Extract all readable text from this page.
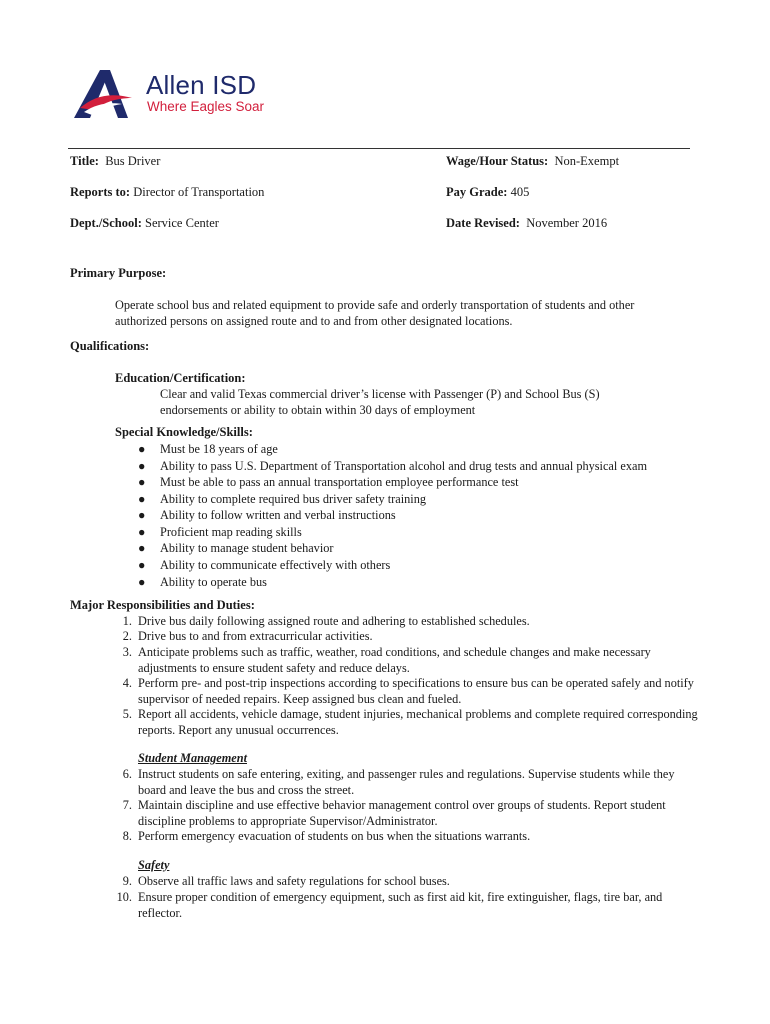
Allen ISD
Where Eagles Soar
Title: Bus Driver	Wage/Hour Status: Non-Exempt
Reports to: Director of Transportation	Pay Grade: 405
Dept./School: Service Center	Date Revised: November 2016
Primary Purpose:
Operate school bus and related equipment to provide safe and orderly transportation of students and other
authorized persons on assigned route and to and from other designated locations.
Qualifications:
Education/Certification:
Clear and valid Texas commercial driver’s license with Passenger (P) and School Bus (S)
endorsements or ability to obtain within 30 days of employment
Special Knowledge/Skills:
● Must be 18 years of age
● Ability to pass U.S. Department of Transportation alcohol and drug tests and annual physical exam
● Must be able to pass an annual transportation employee performance test
● Ability to complete required bus driver safety training
● Ability to follow written and verbal instructions
● Proficient map reading skills
● Ability to manage student behavior
● Ability to communicate effectively with others
● Ability to operate bus
Major Responsibilities and Duties:
1. Drive bus daily following assigned route and adhering to established schedules.
2. Drive bus to and from extracurricular activities.
3. Anticipate problems such as traffic, weather, road conditions, and schedule changes and make necessary adjustments to ensure student safety and reduce delays.
4. Perform pre- and post-trip inspections according to specifications to ensure bus can be operated safely and notify supervisor of needed repairs. Keep assigned bus clean and fueled.
5. Report all accidents, vehicle damage, student injuries, mechanical problems and complete required corresponding reports. Report any unusual occurrences.
Student Management
6. Instruct students on safe entering, exiting, and passenger rules and regulations. Supervise students while they board and leave the bus and cross the street.
7. Maintain discipline and use effective behavior management control over groups of students. Report student discipline problems to appropriate Supervisor/Administrator.
8. Perform emergency evacuation of students on bus when the situations warrants.
Safety
9. Observe all traffic laws and safety regulations for school buses.
10. Ensure proper condition of emergency equipment, such as first aid kit, fire extinguisher, flags, tire bar, and reflector.
